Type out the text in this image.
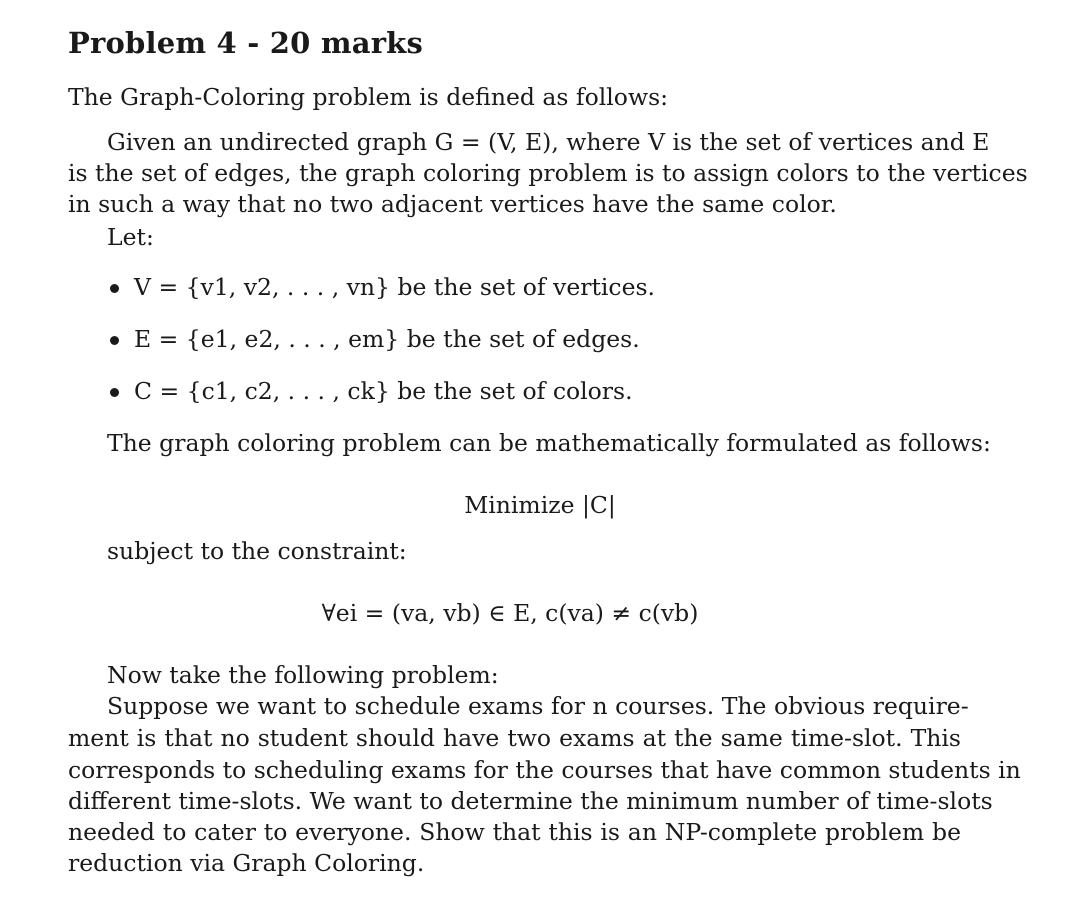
Problem 4 - 20 marks
The Graph-Coloring problem is defined as follows:
Given an undirected graph G = (V, E), where V is the set of vertices and E
is the set of edges, the graph coloring problem is to assign colors to the vertices
in such a way that no two adjacent vertices have the same color.
Let:
V = {v1, v2, . . . , vn} be the set of vertices.
E = {e1, e2, . . . , em} be the set of edges.
C = {c1, c2, . . . , ck} be the set of colors.
The graph coloring problem can be mathematically formulated as follows:
Minimize |C|
subject to the constraint:
∀ei = (va, vb) ∈ E, c(va) ≠ c(vb)
Now take the following problem:
Suppose we want to schedule exams for n courses. The obvious require-
ment is that no student should have two exams at the same time-slot. This
corresponds to scheduling exams for the courses that have common students in
different time-slots. We want to determine the minimum number of time-slots
needed to cater to everyone. Show that this is an NP-complete problem be
reduction via Graph Coloring.
